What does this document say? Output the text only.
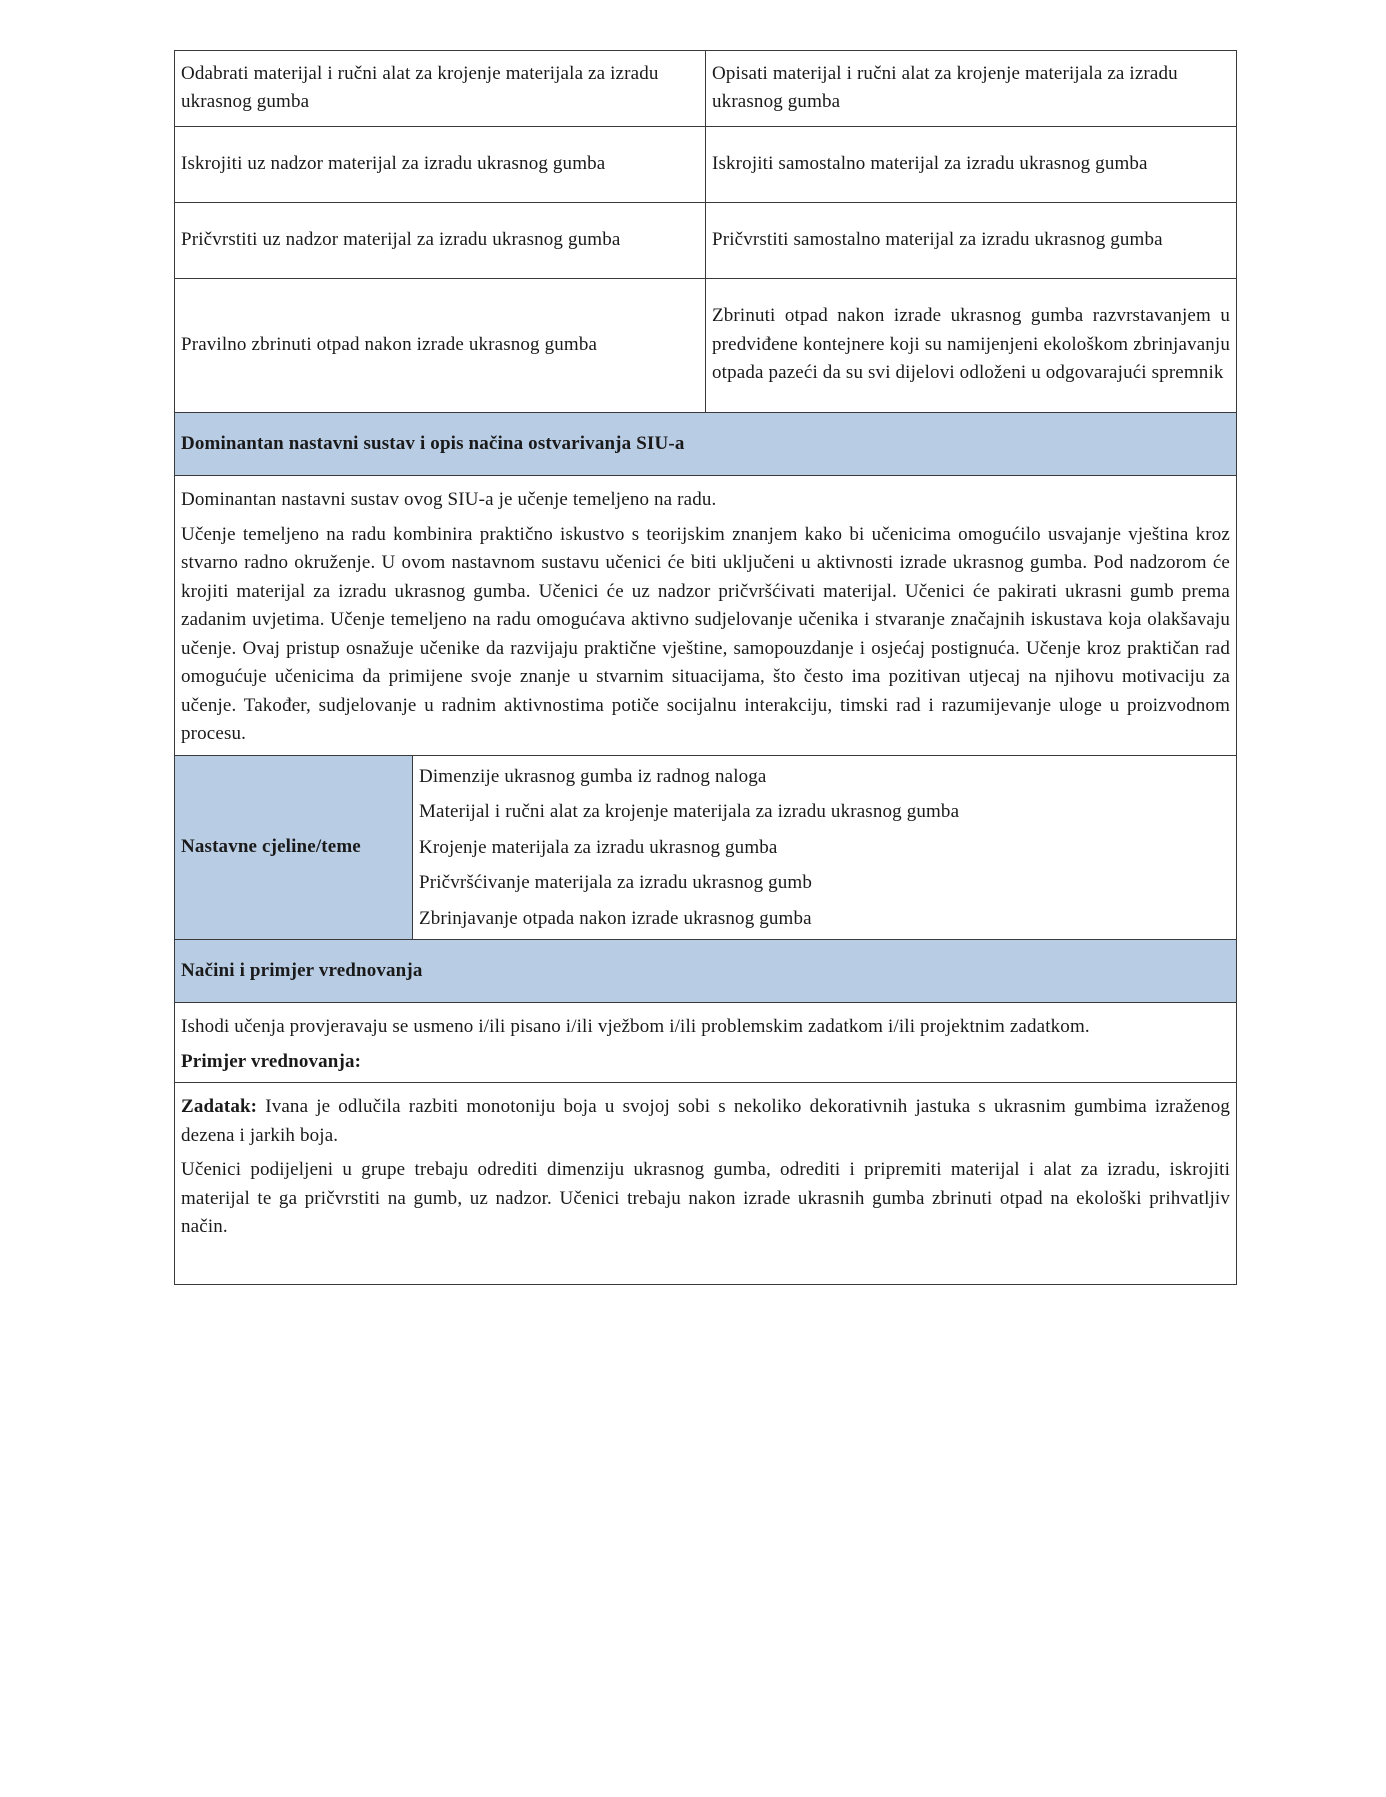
Odabrati materijal i ručni alat za krojenje materijala za izradu ukrasnog gumba		Opisati materijal i ručni alat za krojenje materijala za izradu ukrasnog gumba
Iskrojiti uz nadzor materijal za izradu ukrasnog gumba		Iskrojiti samostalno materijal za izradu ukrasnog gumba
Pričvrstiti uz nadzor materijal za izradu ukrasnog gumba		Pričvrstiti samostalno materijal za izradu ukrasnog gumba
Pravilno zbrinuti otpad nakon izrade ukrasnog gumba		Zbrinuti otpad nakon izrade ukrasnog gumba razvrstavanjem u predviđene kontejnere koji su namijenjeni ekološkom zbrinjavanju otpada pazeći da su svi dijelovi odloženi u odgovarajući spremnik
Dominantan nastavni sustav i opis načina ostvarivanja SIU-a		

Dominantan nastavni sustav ovog SIU-a je učenje temeljeno na radu.

Učenje temeljeno na radu kombinira praktično iskustvo s teorijskim znanjem kako bi učenicima omogućilo usvajanje vještina kroz stvarno radno okruženje. U ovom nastavnom sustavu učenici će biti uključeni u aktivnosti izrade ukrasnog gumba. Pod nadzorom će krojiti materijal za izradu ukrasnog gumba. Učenici će uz nadzor pričvršćivati materijal. Učenici će pakirati ukrasni gumb prema zadanim uvjetima. Učenje temeljeno na radu omogućava aktivno sudjelovanje učenika i stvaranje značajnih iskustava koja olakšavaju učenje. Ovaj pristup osnažuje učenike da razvijaju praktične vještine, samopouzdanje i osjećaj postignuća. Učenje kroz praktičan rad omogućuje učenicima da primijene svoje znanje u stvarnim situacijama, što često ima pozitivan utjecaj na njihovu motivaciju za učenje. Također, sudjelovanje u radnim aktivnostima potiče socijalnu interakciju, timski rad i razumijevanje uloge u proizvodnom procesu.		

Nastavne cjeline/teme	Dimenzije ukrasnog gumba iz radnog naloga
Materijal i ručni alat za krojenje materijala za izradu ukrasnog gumba
Krojenje materijala za izradu ukrasnog gumba
Pričvršćivanje materijala za izradu ukrasnog gumb
Zbrinjavanje otpada nakon izrade ukrasnog gumba	

Načini i primjer vrednovanja		

Ishodi učenja provjeravaju se usmeno i/ili pisano i/ili vježbom i/ili problemskim zadatkom i/ili projektnim zadatkom.

Primjer vrednovanja:		

Zadatak: Ivana je odlučila razbiti monotoniju boja u svojoj sobi s nekoliko dekorativnih jastuka s ukrasnim gumbima izraženog dezena i jarkih boja.

Učenici podijeljeni u grupe trebaju odrediti dimenziju ukrasnog gumba, odrediti i pripremiti materijal i alat za izradu, iskrojiti materijal te ga pričvrstiti na gumb, uz nadzor. Učenici trebaju nakon izrade ukrasnih gumba zbrinuti otpad na ekološki prihvatljiv način.		
